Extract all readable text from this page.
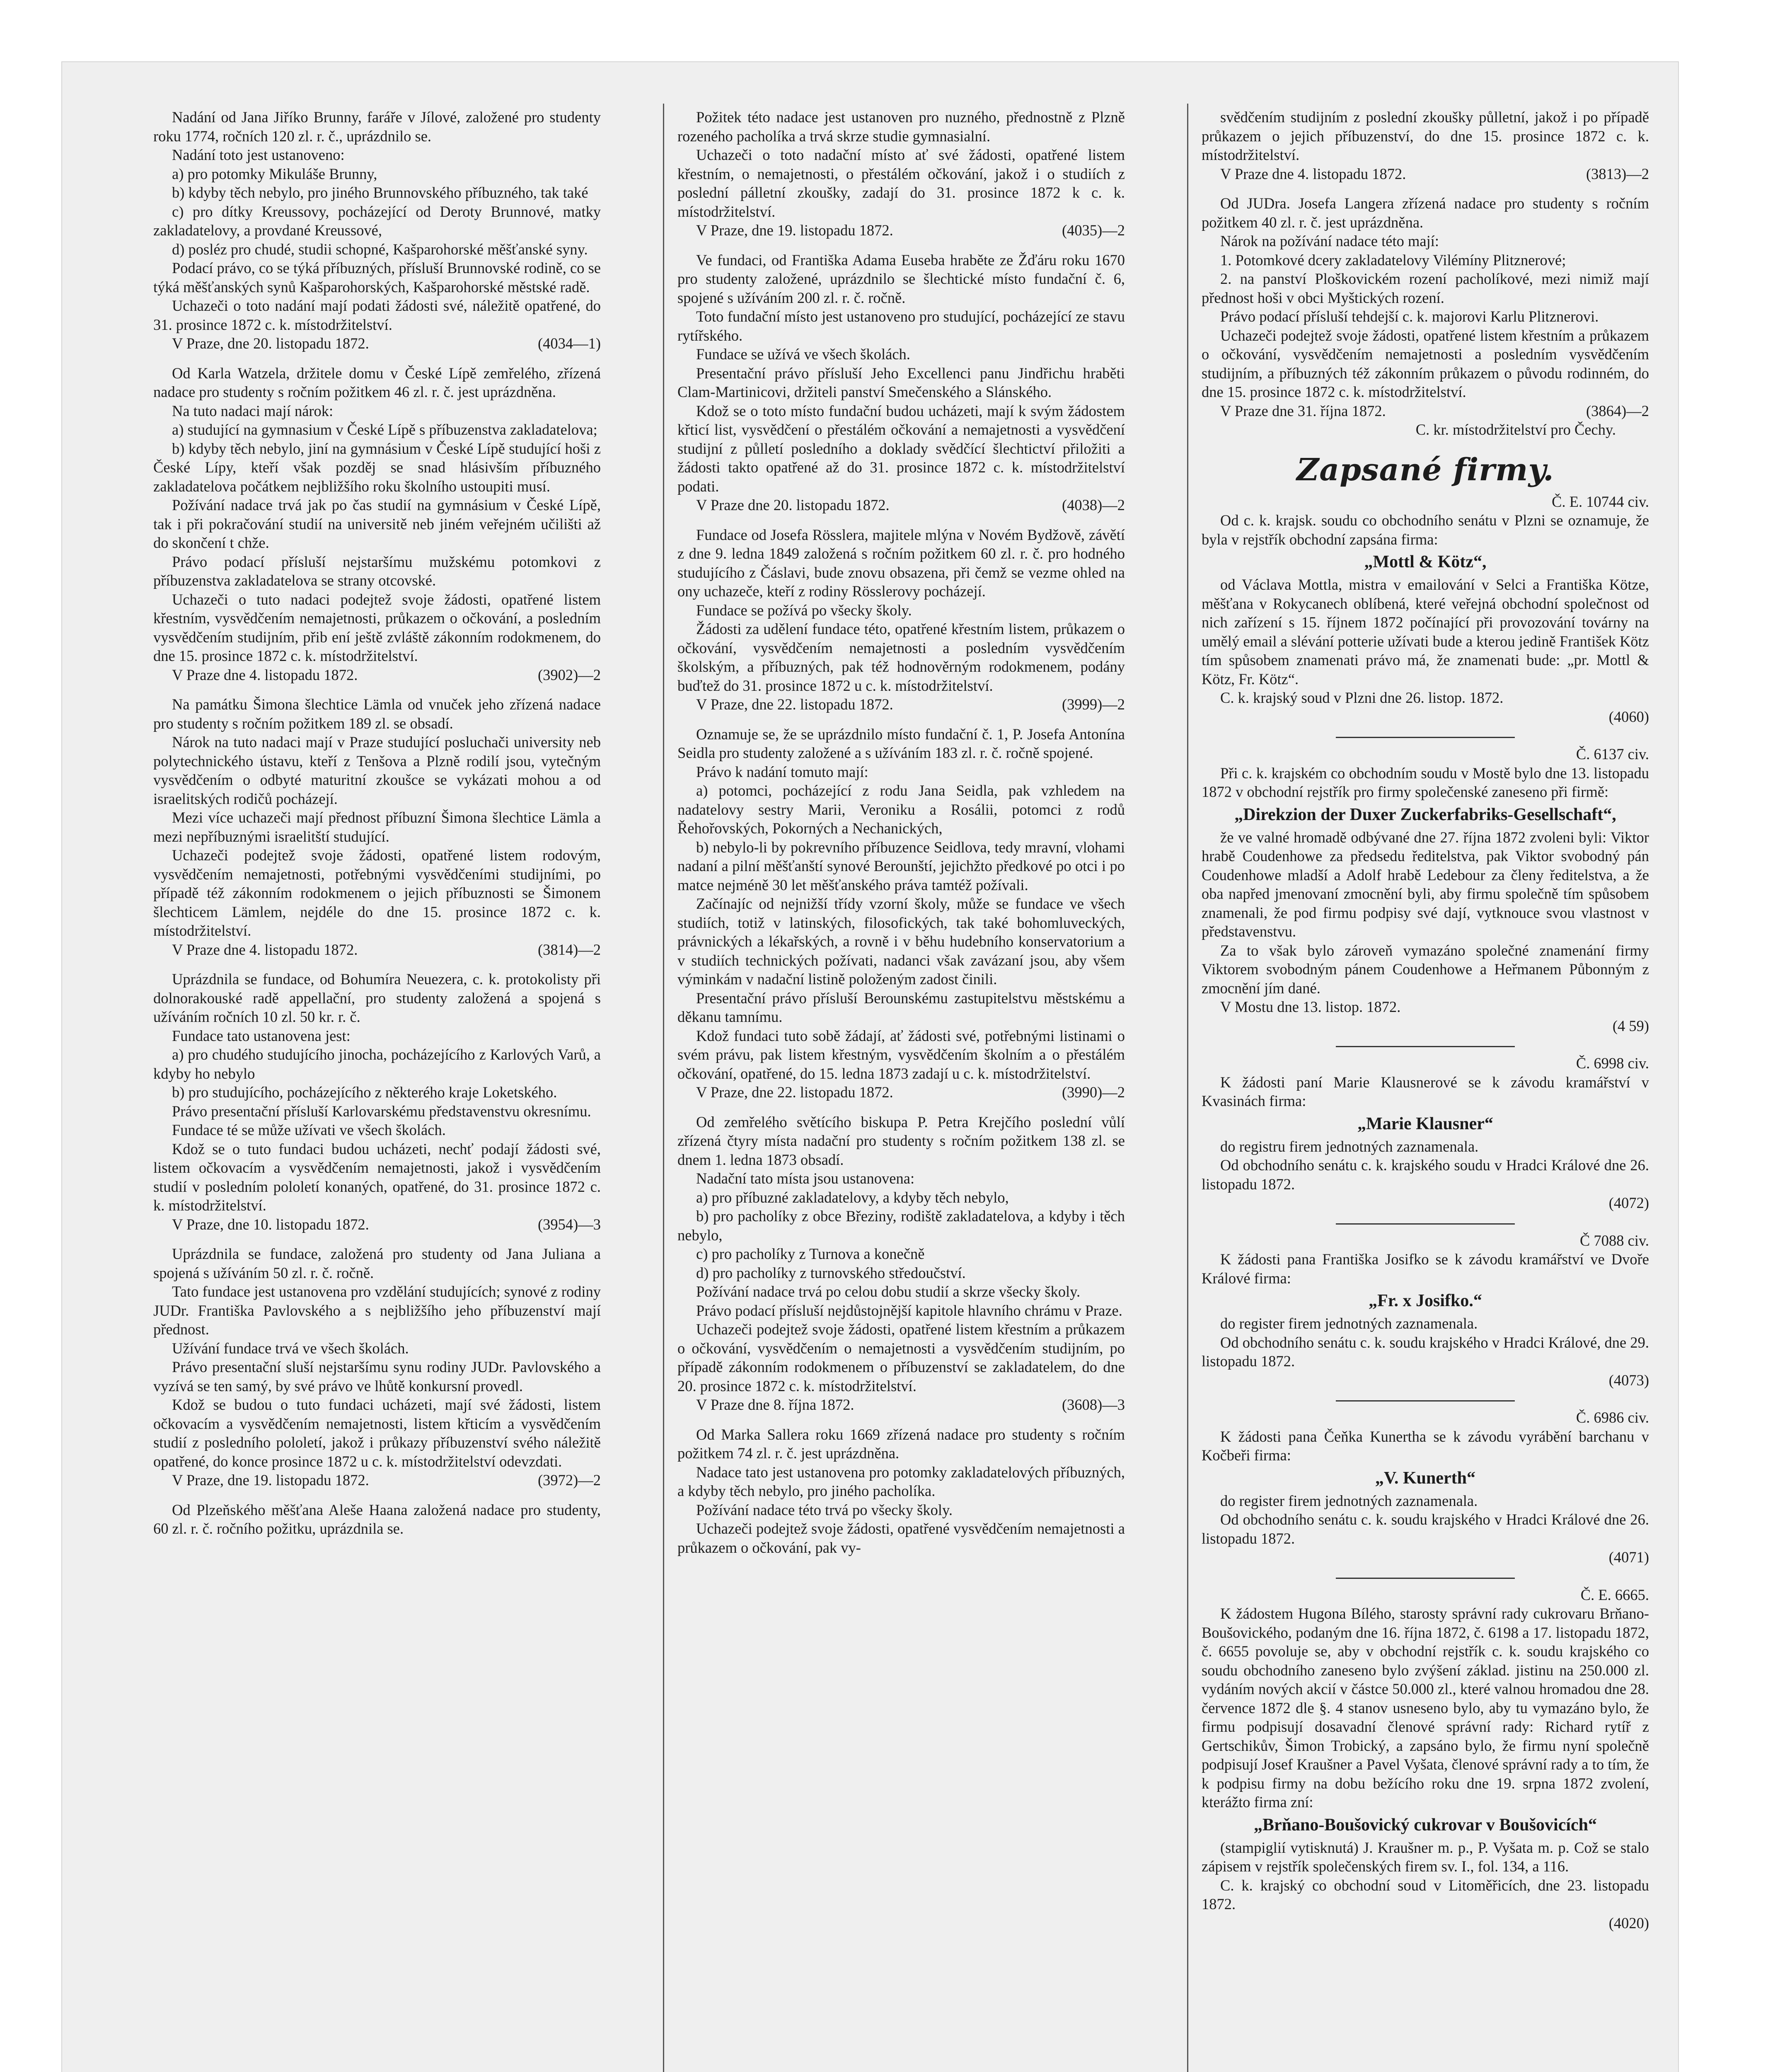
Nadání od Jana Jiříko Brunny, faráře v Jílové, založené pro studenty roku 1774, ročních 120 zl. r. č., uprázdnilo se.

Nadání toto jest ustanoveno:

a) pro potomky Mikuláše Brunny,

b) kdyby těch nebylo, pro jiného Brunnovského příbuzného, tak také

c) pro dítky Kreussovy, pocházející od Deroty Brunnové, matky zakladatelovy, a provdané Kreussové,

d) posléz pro chudé, studii schopné, Kašparohorské měšťanské syny.

Podací právo, co se týká příbuzných, přísluší Brunnovské rodině, co se týká měšťanských synů Kašparohorských, Kašparohorské městské radě.

Uchazeči o toto nadání mají podati žádosti své, náležitě opatřené, do 31. prosince 1872 c. k. místodržitelství.

V Praze, dne 20. listopadu 1872.	(4034—1)

Od Karla Watzela, držitele domu v České Lípě zemřelého, zřízená nadace pro studenty s ročním požitkem 46 zl. r. č. jest uprázdněna.

Na tuto nadaci mají nárok:

a) studující na gymnasium v České Lípě s příbuzenstva zakladatelova;

b) kdyby těch nebylo, jiní na gymnásium v České Lípě studující hoši z České Lípy, kteří však pozděj se snad hlásivším příbuzného zakladatelova počátkem nejbližšího roku školního ustoupiti musí.

Požívání nadace trvá jak po čas studií na gymnásium v České Lípě, tak i při pokračování studií na universitě neb jiném veřejném učilišti až do skončení t chže.

Právo podací přísluší nejstaršímu mužskému potomkovi z příbuzenstva zakladatelova se strany otcovské.

Uchazeči o tuto nadaci podejtež svoje žádosti, opatřené listem křestním, vysvědčením nemajetnosti, průkazem o očkování, a posledním vysvědčením studijním, přib ení ještě zvláště zákonním rodokmenem, do dne 15. prosince 1872 c. k. místodržitelství.

V Praze dne 4. listopadu 1872.	(3902)—2

Na památku Šimona šlechtice Lämla od vnuček jeho zřízená nadace pro studenty s ročním požitkem 189 zl. se obsadí.

Nárok na tuto nadaci mají v Praze studující posluchači university neb polytechnického ústavu, kteří z Tenšova a Plzně rodilí jsou, vytečným vysvědčením o odbyté maturitní zkoušce se vykázati mohou a od israelitských rodičů pocházejí.

Mezi více uchazeči mají přednost příbuzní Šimona šlechtice Lämla a mezi nepříbuznými israelitští studující.

Uchazeči podejtež svoje žádosti, opatřené listem rodovým, vysvědčením nemajetnosti, potřebnými vysvědčeními studijními, po případě též zákonním rodokmenem o jejich příbuznosti se Šimonem šlechticem Lämlem, nejdéle do dne 15. prosince 1872 c. k. místodržitelství.

V Praze dne 4. listopadu 1872.	(3814)—2

Uprázdnila se fundace, od Bohumíra Neuezera, c. k. protokolisty při dolnorakouské radě appellační, pro studenty založená a spojená s užíváním ročních 10 zl. 50 kr. r. č.

Fundace tato ustanovena jest:

a) pro chudého studujícího jinocha, pocházejícího z Karlových Varů, a kdyby ho nebylo

b) pro studujícího, pocházejícího z některého kraje Loketského.

Právo presentační přísluší Karlovarskému představenstvu okresnímu.

Fundace té se může užívati ve všech školách.

Kdož se o tuto fundaci budou ucházeti, nechť podají žádosti své, listem očkovacím a vysvědčením nemajetnosti, jakož i vysvědčením studií v posledním pololetí konaných, opatřené, do 31. prosince 1872 c. k. místodržitelství.

V Praze, dne 10. listopadu 1872.	(3954)—3

Uprázdnila se fundace, založená pro studenty od Jana Juliana a spojená s užíváním 50 zl. r. č. ročně.

Tato fundace jest ustanovena pro vzdělání studujících; synové z rodiny JUDr. Františka Pavlovského a s nejbližšího jeho příbuzenství mají přednost.

Užívání fundace trvá ve všech školách.

Právo presentační sluší nejstaršímu synu rodiny JUDr. Pavlovského a vyzívá se ten samý, by své právo ve lhůtě konkursní provedl.

Kdož se budou o tuto fundaci ucházeti, mají své žádosti, listem očkovacím a vysvědčením nemajetnosti, listem křticím a vysvědčením studií z posledního pololetí, jakož i průkazy příbuzenství svého náležitě opatřené, do konce prosince 1872 u c. k. místodržitelství odevzdati.

V Praze, dne 19. listopadu 1872.	(3972)—2

Od Plzeňského měšťana Aleše Haana založená nadace pro studenty, 60 zl. r. č. ročního požitku, uprázdnila se.

Požitek této nadace jest ustanoven pro nuzného, přednostně z Plzně rozeného pacholíka a trvá skrze studie gymnasialní.

Uchazeči o toto nadační místo ať své žádosti, opatřené listem křestním, o nemajetnosti, o přestálém očkování, jakož i o studiích z poslední pálletní zkoušky, zadají do 31. prosince 1872 k c. k. místodržitelství.

V Praze, dne 19. listopadu 1872.	(4035)—2

Ve fundaci, od Františka Adama Euseba hraběte ze Žďáru roku 1670 pro studenty založené, uprázdnilo se šlechtické místo fundační č. 6, spojené s užíváním 200 zl. r. č. ročně.

Toto fundační místo jest ustanoveno pro studující, pocházející ze stavu rytířského.

Fundace se užívá ve všech školách.

Presentační právo přísluší Jeho Excellenci panu Jindřichu hraběti Clam-Martinicovi, držiteli panství Smečenského a Slánského.

Kdož se o toto místo fundační budou ucházeti, mají k svým žádostem křticí list, vysvědčení o přestálém očkování a nemajetnosti a vysvědčení studijní z půlletí posledního a doklady svědčící šlechtictví přiložiti a žádosti takto opatřené až do 31. prosince 1872 c. k. místodržitelství podati.

V Praze dne 20. listopadu 1872.	(4038)—2

Fundace od Josefa Rösslera, majitele mlýna v Novém Bydžově, závětí z dne 9. ledna 1849 založená s ročním požitkem 60 zl. r. č. pro hodného studujícího z Čáslavi, bude znovu obsazena, při čemž se vezme ohled na ony uchazeče, kteří z rodiny Rösslerovy pocházejí.

Fundace se požívá po všecky školy.

Žádosti za udělení fundace této, opatřené křestním listem, průkazem o očkování, vysvědčením nemajetnosti a posledním vysvědčením školským, a příbuzných, pak též hodnověrným rodokmenem, podány buďtež do 31. prosince 1872 u c. k. místodržitelství.

V Praze, dne 22. listopadu 1872.	(3999)—2

Oznamuje se, že se uprázdnilo místo fundační č. 1, P. Josefa Antonína Seidla pro studenty založené a s užíváním 183 zl. r. č. ročně spojené.

Právo k nadání tomuto mají:

a) potomci, pocházející z rodu Jana Seidla, pak vzhledem na nadatelovy sestry Marii, Veroniku a Rosálii, potomci z rodů Řehořovských, Pokorných a Nechanických,

b) nebylo-li by pokrevního příbuzence Seidlova, tedy mravní, vlohami nadaní a pilní měšťanští synové Berounští, jejichžto předkové po otci i po matce nejméně 30 let měšťanského práva tamtéž požívali.

Začínajíc od nejnižší třídy vzorní školy, může se fundace ve všech studiích, totiž v latinských, filosofických, tak také bohomluveckých, právnických a lékařských, a rovně i v běhu hudebního konservatorium a v studiích technických požívati, nadanci však zavázaní jsou, aby všem výminkám v nadační listině položeným zadost činili.

Presentační právo přísluší Berounskému zastupitelstvu městskému a děkanu tamnímu.

Kdož fundaci tuto sobě žádají, ať žádosti své, potřebnými listinami o svém právu, pak listem křestným, vysvědčením školním a o přestálém očkování, opatřené, do 15. ledna 1873 zadají u c. k. místodržitelství.

V Praze, dne 22. listopadu 1872.	(3990)—2

Od zemřelého světícího biskupa P. Petra Krejčího poslední vůlí zřízená čtyry místa nadační pro studenty s ročním požitkem 138 zl. se dnem 1. ledna 1873 obsadí.

Nadační tato místa jsou ustanovena:

a) pro příbuzné zakladatelovy, a kdyby těch nebylo,

b) pro pacholíky z obce Březiny, rodiště zakladatelova, a kdyby i těch nebylo,

c) pro pacholíky z Turnova a konečně

d) pro pacholíky z turnovského středoučství.

Požívání nadace trvá po celou dobu studií a skrze všecky školy.

Právo podací přísluší nejdůstojnější kapitole hlavního chrámu v Praze.

Uchazeči podejtež svoje žádosti, opatřené listem křestním a průkazem o očkování, vysvědčením o nemajetnosti a vysvědčením studijním, po případě zákonním rodokmenem o příbuzenství se zakladatelem, do dne 20. prosince 1872 c. k. místodržitelství.

V Praze dne 8. října 1872.	(3608)—3

Od Marka Sallera roku 1669 zřízená nadace pro studenty s ročním požitkem 74 zl. r. č. jest uprázdněna.

Nadace tato jest ustanovena pro potomky zakladatelových příbuzných, a kdyby těch nebylo, pro jiného pacholíka.

Požívání nadace této trvá po všecky školy.

Uchazeči podejtež svoje žádosti, opatřené vysvědčením nemajetnosti a průkazem o očkování, pak vy-

svědčením studijním z poslední zkoušky půlletní, jakož i po případě průkazem o jejich příbuzenství, do dne 15. prosince 1872 c. k. místodržitelství.

V Praze dne 4. listopadu 1872.	(3813)—2

Od JUDra. Josefa Langera zřízená nadace pro studenty s ročním požitkem 40 zl. r. č. jest uprázdněna.

Nárok na požívání nadace této mají:

1. Potomkové dcery zakladatelovy Vilémíny Plitznerové;

2. na panství Ploškovickém rození pacholíkové, mezi nimiž mají přednost hoši v obci Myštických rození.

Právo podací přísluší tehdejší c. k. majorovi Karlu Plitznerovi.

Uchazeči podejtež svoje žádosti, opatřené listem křestním a průkazem o očkování, vysvědčením nemajetnosti a posledním vysvědčením studijním, a příbuzných též zákonním průkazem o původu rodinném, do dne 15. prosince 1872 c. k. místodržitelství.

V Praze dne 31. října 1872.	(3864)—2

C. kr. místodržitelství pro Čechy.

Zapsané firmy.

Č. E. 10744 civ.

Od c. k. krajsk. soudu co obchodního senátu v Plzni se oznamuje, že byla v rejstřík obchodní zapsána firma:

„Mottl & Kötz“,

od Václava Mottla, mistra v emailování v Selci a Františka Kötze, měšťana v Rokycanech oblíbená, které veřejná obchodní společnost od nich zařízení s 15. říjnem 1872 počínající při provozování továrny na umělý email a slévání potterie užívati bude a kterou jedině František Kötz tím spůsobem znamenati právo má, že znamenati bude: „pr. Mottl & Kötz, Fr. Kötz“.

C. k. krajský soud v Plzni dne 26. listop. 1872.

(4060)

Č. 6137 civ.

Při c. k. krajském co obchodním soudu v Mostě bylo dne 13. listopadu 1872 v obchodní rejstřík pro firmy společenské zaneseno při firmě:

„Direkzion der Duxer Zuckerfabriks-Gesellschaft“,

že ve valné hromadě odbývané dne 27. října 1872 zvoleni byli: Viktor hrabě Coudenhowe za předsedu ředitelstva, pak Viktor svobodný pán Coudenhowe mladší a Adolf hrabě Ledebour za členy ředitelstva, a že oba napřed jmenovaní zmocnění byli, aby firmu společně tím spůsobem znamenali, že pod firmu podpisy své dají, vytknouce svou vlastnost v představenstvu.

Za to však bylo zároveň vymazáno společné znamenání firmy Viktorem svobodným pánem Coudenhowe a Heřmanem Půbonným z zmocnění jím dané.

V Mostu dne 13. listop. 1872.

(4 59)

Č. 6998 civ.

K žádosti paní Marie Klausnerové se k závodu kramářství v Kvasinách firma:

„Marie Klausner“

do registru firem jednotných zaznamenala.

Od obchodního senátu c. k. krajského soudu v Hradci Králové dne 26. listopadu 1872.

(4072)

Č 7088 civ.

K žádosti pana Františka Josifko se k závodu kramářství ve Dvoře Králové firma:

„Fr. x Josifko.“

do register firem jednotných zaznamenala.

Od obchodního senátu c. k. soudu krajského v Hradci Králové, dne 29. listopadu 1872.

(4073)

Č. 6986 civ.

K žádosti pana Čeňka Kunertha se k závodu vyrábění barchanu v Kočbeři firma:

„V. Kunerth“

do register firem jednotných zaznamenala.

Od obchodního senátu c. k. soudu krajského v Hradci Králové dne 26. listopadu 1872.

(4071)

Č. E. 6665.

K žádostem Hugona Bílého, starosty správní rady cukrovaru Brňano-Boušovického, podaným dne 16. října 1872, č. 6198 a 17. listopadu 1872, č. 6655 povoluje se, aby v obchodní rejstřík c. k. soudu krajského co soudu obchodního zaneseno bylo zvýšení základ. jistinu na 250.000 zl. vydáním nových akcií v částce 50.000 zl., které valnou hromadou dne 28. července 1872 dle §. 4 stanov usneseno bylo, aby tu vymazáno bylo, že firmu podpisují dosavadní členové správní rady: Richard rytíř z Gertschikův, Šimon Trobický, a zapsáno bylo, že firmu nyní společně podpisují Josef Kraušner a Pavel Vyšata, členové správní rady a to tím, že k podpisu firmy na dobu bežícího roku dne 19. srpna 1872 zvolení, kterážto firma zní:

„Brňano-Boušovický cukrovar v Boušovicích“

(stampiglií vytisknutá) J. Kraušner m. p., P. Vyšata m. p. Což se stalo zápisem v rejstřík společenských firem sv. I., fol. 134, a 116.

C. k. krajský co obchodní soud v Litoměřicích, dne 23. listopadu 1872.

(4020)
